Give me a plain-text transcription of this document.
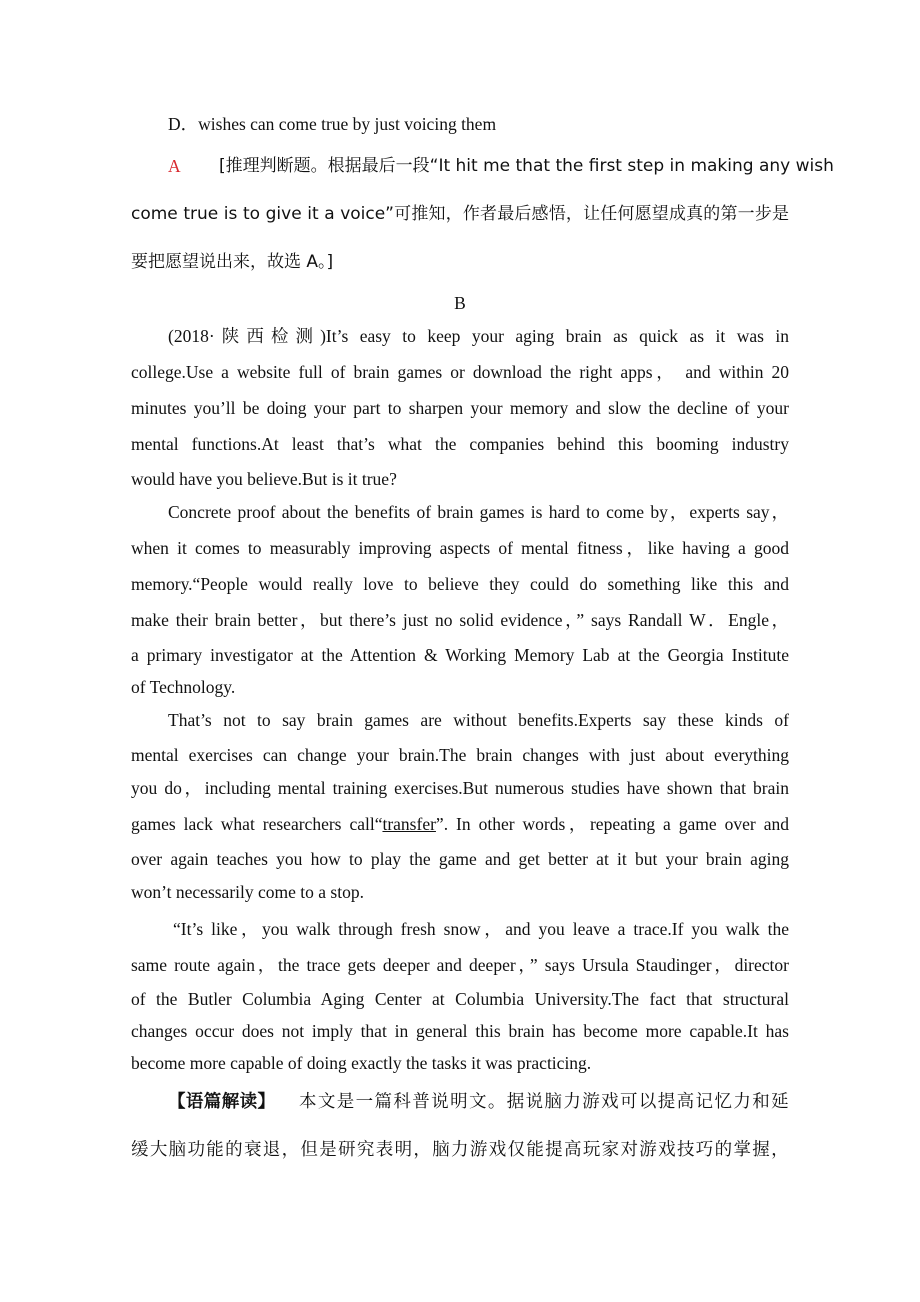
D．wishes can come true by just voicing them
A [推理判断题。根据最后一段“It hit me that the first step in making any wish
come true is to give it a voice”可推知，作者最后感悟，让任何愿望成真的第一步是
要把愿望说出来，故选 A。]
B
(2018·陕西检测)It’s easy to keep your aging brain as quick as it was in
college.Use a website full of brain games or download the right apps， and within 20
minutes you’ll be doing your part to sharpen your memory and slow the decline of your
mental functions.At least that’s what the companies behind this booming industry
would have you believe.But is it true?
Concrete proof about the benefits of brain games is hard to come by，experts say，
when it comes to measurably improving aspects of mental fitness，like having a good
memory.“People would really love to believe they could do something like this and
make their brain better，but there’s just no solid evidence，” says Randall W．Engle，
a primary investigator at the Attention & Working Memory Lab at the Georgia Institute
of Technology.
That’s not to say brain games are without benefits.Experts say these kinds of
mental exercises can change your brain.The brain changes with just about everything
you do，including mental training exercises.But numerous studies have shown that brain
games lack what researchers call“transfer”. In other words，repeating a game over and
over again teaches you how to play the game and get better at it but your brain aging
won’t necessarily come to a stop.
“It’s like，you walk through fresh snow，and you leave a trace.If you walk the
same route again，the trace gets deeper and deeper，” says Ursula Staudinger，director
of the Butler Columbia Aging Center at Columbia University.The fact that structural
changes occur does not imply that in general this brain has become more capable.It has
become more capable of doing exactly the tasks it was practicing.
【语篇解读】 本文是一篇科普说明文。据说脑力游戏可以提高记忆力和延
缓大脑功能的衰退，但是研究表明，脑力游戏仅能提高玩家对游戏技巧的掌握，
